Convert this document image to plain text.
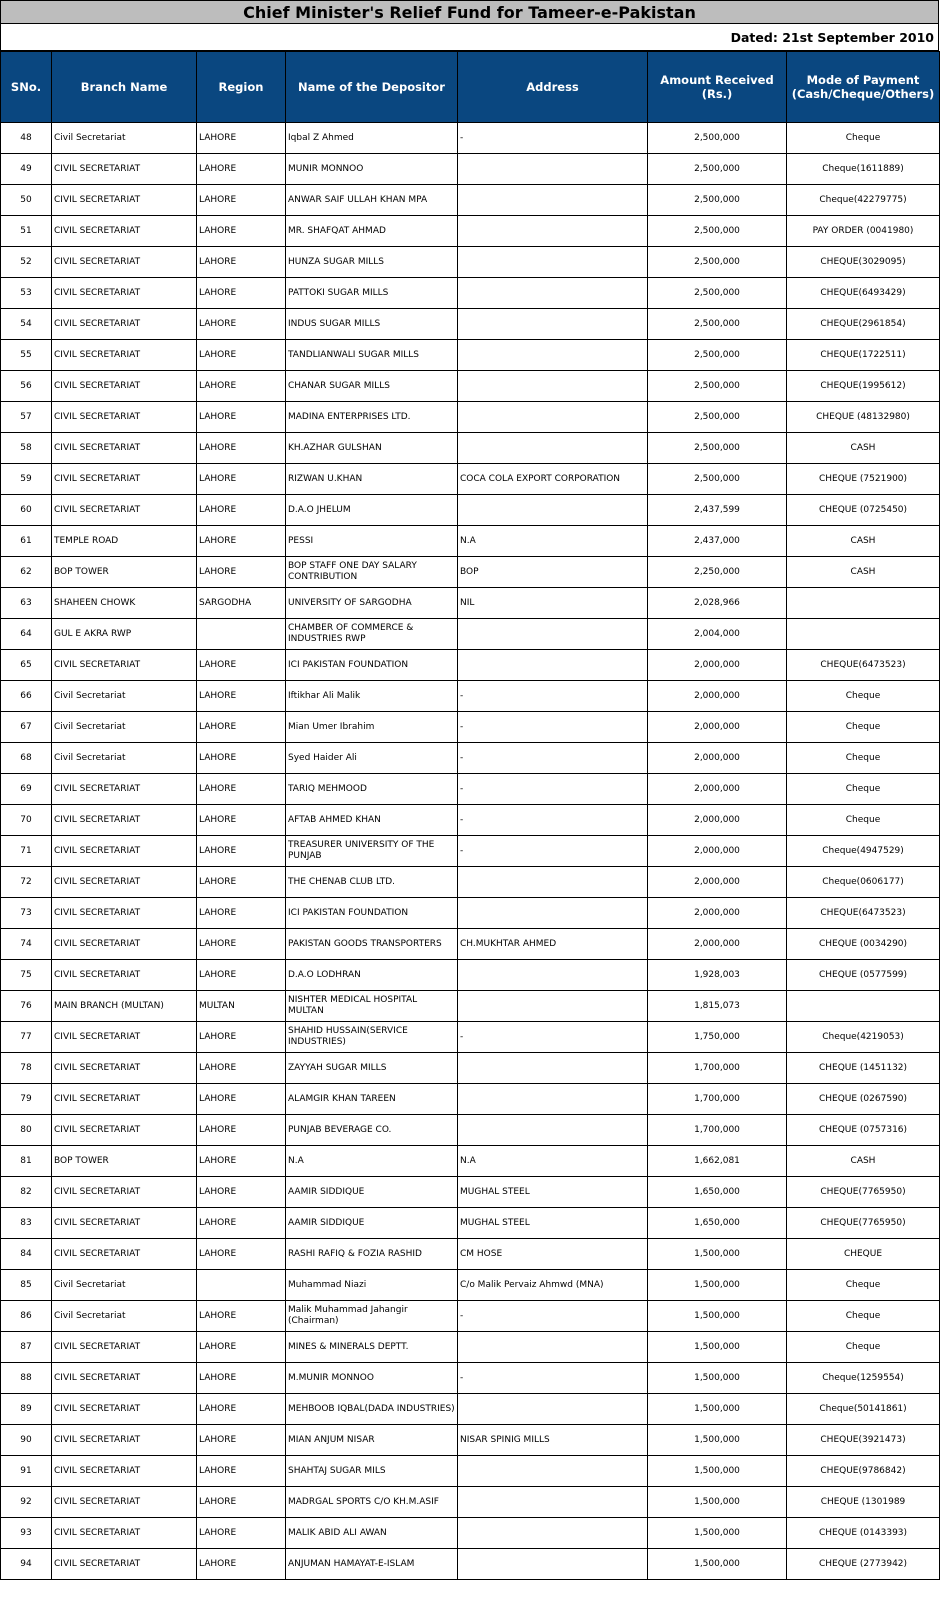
Chief Minister's Relief Fund for Tameer-e-Pakistan
Dated: 21st September 2010
SNo.	Branch Name	Region	Name of the Depositor	Address	Amount Received (Rs.)	Mode of Payment (Cash/Cheque/Others)
48	Civil Secretariat	LAHORE	Iqbal Z Ahmed	-	2,500,000	Cheque
49	CIVIL SECRETARIAT	LAHORE	MUNIR MONNOO		2,500,000	Cheque(1611889)
50	CIVIL SECRETARIAT	LAHORE	ANWAR SAIF ULLAH KHAN MPA		2,500,000	Cheque(42279775)
51	CIVIL SECRETARIAT	LAHORE	MR. SHAFQAT AHMAD		2,500,000	PAY ORDER (0041980)
52	CIVIL SECRETARIAT	LAHORE	HUNZA SUGAR MILLS		2,500,000	CHEQUE(3029095)
53	CIVIL SECRETARIAT	LAHORE	PATTOKI SUGAR MILLS		2,500,000	CHEQUE(6493429)
54	CIVIL SECRETARIAT	LAHORE	INDUS SUGAR MILLS		2,500,000	CHEQUE(2961854)
55	CIVIL SECRETARIAT	LAHORE	TANDLIANWALI SUGAR MILLS		2,500,000	CHEQUE(1722511)
56	CIVIL SECRETARIAT	LAHORE	CHANAR SUGAR MILLS		2,500,000	CHEQUE(1995612)
57	CIVIL SECRETARIAT	LAHORE	MADINA ENTERPRISES LTD.		2,500,000	CHEQUE (48132980)
58	CIVIL SECRETARIAT	LAHORE	KH.AZHAR GULSHAN		2,500,000	CASH
59	CIVIL SECRETARIAT	LAHORE	RIZWAN U.KHAN	COCA COLA EXPORT CORPORATION	2,500,000	CHEQUE (7521900)
60	CIVIL SECRETARIAT	LAHORE	D.A.O JHELUM		2,437,599	CHEQUE (0725450)
61	TEMPLE ROAD	LAHORE	PESSI	N.A	2,437,000	CASH
62	BOP TOWER	LAHORE	BOP STAFF ONE DAY SALARY CONTRIBUTION	BOP	2,250,000	CASH
63	SHAHEEN CHOWK	SARGODHA	UNIVERSITY OF SARGODHA	NIL	2,028,966	
64	GUL E AKRA RWP		CHAMBER OF COMMERCE & INDUSTRIES RWP		2,004,000	
65	CIVIL SECRETARIAT	LAHORE	ICI PAKISTAN FOUNDATION		2,000,000	CHEQUE(6473523)
66	Civil Secretariat	LAHORE	Iftikhar Ali Malik	-	2,000,000	Cheque
67	Civil Secretariat	LAHORE	Mian Umer Ibrahim	-	2,000,000	Cheque
68	Civil Secretariat	LAHORE	Syed Haider Ali	-	2,000,000	Cheque
69	CIVIL SECRETARIAT	LAHORE	TARIQ MEHMOOD	-	2,000,000	Cheque
70	CIVIL SECRETARIAT	LAHORE	AFTAB AHMED KHAN	-	2,000,000	Cheque
71	CIVIL SECRETARIAT	LAHORE	TREASURER UNIVERSITY OF THE PUNJAB	-	2,000,000	Cheque(4947529)
72	CIVIL SECRETARIAT	LAHORE	THE CHENAB CLUB LTD.		2,000,000	Cheque(0606177)
73	CIVIL SECRETARIAT	LAHORE	ICI PAKISTAN FOUNDATION		2,000,000	CHEQUE(6473523)
74	CIVIL SECRETARIAT	LAHORE	PAKISTAN GOODS TRANSPORTERS	CH.MUKHTAR AHMED	2,000,000	CHEQUE (0034290)
75	CIVIL SECRETARIAT	LAHORE	D.A.O LODHRAN		1,928,003	CHEQUE (0577599)
76	MAIN BRANCH (MULTAN)	MULTAN	NISHTER MEDICAL HOSPITAL MULTAN		1,815,073	
77	CIVIL SECRETARIAT	LAHORE	SHAHID HUSSAIN(SERVICE INDUSTRIES)	-	1,750,000	Cheque(4219053)
78	CIVIL SECRETARIAT	LAHORE	ZAYYAH SUGAR MILLS		1,700,000	CHEQUE (1451132)
79	CIVIL SECRETARIAT	LAHORE	ALAMGIR KHAN TAREEN		1,700,000	CHEQUE (0267590)
80	CIVIL SECRETARIAT	LAHORE	PUNJAB BEVERAGE CO.		1,700,000	CHEQUE (0757316)
81	BOP TOWER	LAHORE	N.A	N.A	1,662,081	CASH
82	CIVIL SECRETARIAT	LAHORE	AAMIR SIDDIQUE	MUGHAL STEEL	1,650,000	CHEQUE(7765950)
83	CIVIL SECRETARIAT	LAHORE	AAMIR SIDDIQUE	MUGHAL STEEL	1,650,000	CHEQUE(7765950)
84	CIVIL SECRETARIAT	LAHORE	RASHI RAFIQ & FOZIA RASHID	CM HOSE	1,500,000	CHEQUE
85	Civil Secretariat		Muhammad Niazi	C/o Malik Pervaiz Ahmwd (MNA)	1,500,000	Cheque
86	Civil Secretariat	LAHORE	Malik Muhammad Jahangir (Chairman)	-	1,500,000	Cheque
87	CIVIL SECRETARIAT	LAHORE	MINES & MINERALS DEPTT.		1,500,000	Cheque
88	CIVIL SECRETARIAT	LAHORE	M.MUNIR MONNOO	-	1,500,000	Cheque(1259554)
89	CIVIL SECRETARIAT	LAHORE	MEHBOOB IQBAL(DADA INDUSTRIES)		1,500,000	Cheque(50141861)
90	CIVIL SECRETARIAT	LAHORE	MIAN ANJUM NISAR	NISAR SPINIG MILLS	1,500,000	CHEQUE(3921473)
91	CIVIL SECRETARIAT	LAHORE	SHAHTAJ SUGAR MILS		1,500,000	CHEQUE(9786842)
92	CIVIL SECRETARIAT	LAHORE	MADRGAL SPORTS C/O KH.M.ASIF		1,500,000	CHEQUE (1301989
93	CIVIL SECRETARIAT	LAHORE	MALIK ABID ALI AWAN		1,500,000	CHEQUE (0143393)
94	CIVIL SECRETARIAT	LAHORE	ANJUMAN HAMAYAT-E-ISLAM		1,500,000	CHEQUE (2773942)
